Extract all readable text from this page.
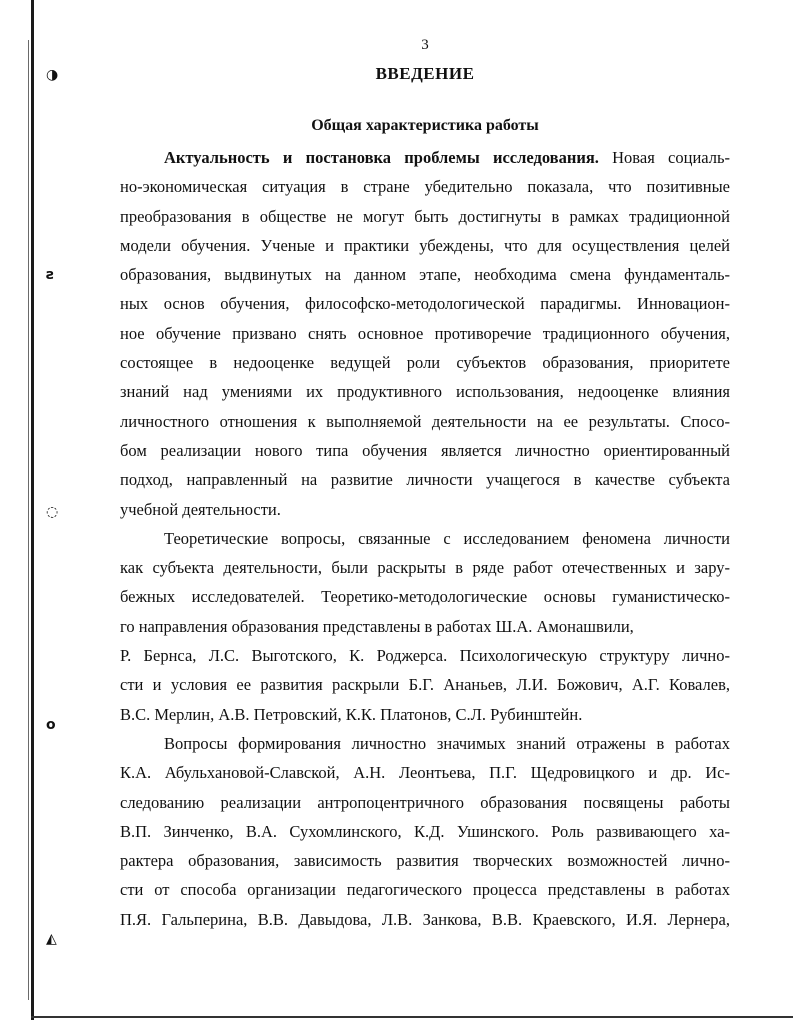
◑
ƨ
◌
o
◭
3
ВВЕДЕНИЕ
Общая характеристика работы
Актуальность и постановка проблемы исследования. Новая социаль-
но-экономическая ситуация в стране убедительно показала, что позитивные
преобразования в обществе не могут быть достигнуты в рамках традиционной
модели обучения. Ученые и практики убеждены, что для осуществления целей
образования, выдвинутых на данном этапе, необходима смена фундаменталь-
ных основ обучения, философско-методологической парадигмы. Инновацион-
ное обучение призвано снять основное противоречие традиционного обучения,
состоящее в недооценке ведущей роли субъектов образования, приоритете
знаний над умениями их продуктивного использования, недооценке влияния
личностного отношения к выполняемой деятельности на ее результаты. Спосо-
бом реализации нового типа обучения является личностно ориентированный
подход, направленный на развитие личности учащегося в качестве субъекта
учебной деятельности.
Теоретические вопросы, связанные с исследованием феномена личности
как субъекта деятельности, были раскрыты в ряде работ отечественных и зару-
бежных исследователей. Теоретико-методологические основы гуманистическо-
го направления образования представлены в работах Ш.А. Амонашвили,
Р. Бернса, Л.С. Выготского, К. Роджерса. Психологическую структуру лично-
сти и условия ее развития раскрыли Б.Г. Ананьев, Л.И. Божович, А.Г. Ковалев,
В.С. Мерлин, А.В. Петровский, К.К. Платонов, С.Л. Рубинштейн.
Вопросы формирования личностно значимых знаний отражены в работах
К.А. Абульхановой-Славской, А.Н. Леонтьева, П.Г. Щедровицкого и др. Ис-
следованию реализации антропоцентричного образования посвящены работы
В.П. Зинченко, В.А. Сухомлинского, К.Д. Ушинского. Роль развивающего ха-
рактера образования, зависимость развития творческих возможностей лично-
сти от способа организации педагогического процесса представлены в работах
П.Я. Гальперина, В.В. Давыдова, Л.В. Занкова, В.В. Краевского, И.Я. Лернера,
